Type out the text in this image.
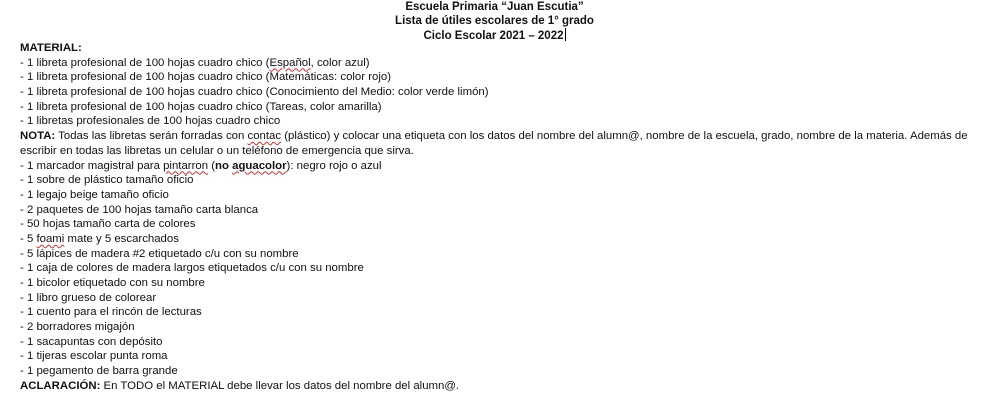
Escuela Primaria “Juan Escutia”
Lista de útiles escolares de 1° grado
Ciclo Escolar 2021 – 2022
MATERIAL:
- 1 libreta profesional de 100 hojas cuadro chico (Español, color azul)
- 1 libreta profesional de 100 hojas cuadro chico (Matemáticas: color rojo)
- 1 libreta profesional de 100 hojas cuadro chico (Conocimiento del Medio: color verde limón)
- 1 libreta profesional de 100 hojas cuadro chico (Tareas, color amarilla)
- 1 libretas profesionales de 100 hojas cuadro chico
NOTA: Todas las libretas serán forradas con contac (plástico) y colocar una etiqueta con los datos del nombre del alumn@, nombre de la escuela, grado, nombre de la materia. Además de escribir en todas las libretas un celular o un teléfono de emergencia que sirva.
- 1 marcador magistral para pintarron (no aguacolor): negro rojo o azul
- 1 sobre de plástico tamaño oficio
- 1 legajo beige tamaño oficio
- 2 paquetes de 100 hojas tamaño carta blanca
- 50 hojas tamaño carta de colores
- 5 foami mate y 5 escarchados
- 5 lápices de madera #2 etiquetado c/u con su nombre
- 1 caja de colores de madera largos etiquetados c/u con su nombre
- 1 bicolor etiquetado con su nombre
- 1 libro grueso de colorear
- 1 cuento para el rincón de lecturas
- 2 borradores migajón
- 1 sacapuntas con depósito
- 1 tijeras escolar punta roma
- 1 pegamento de barra grande
ACLARACIÓN: En TODO el MATERIAL debe llevar los datos del nombre del alumn@.
